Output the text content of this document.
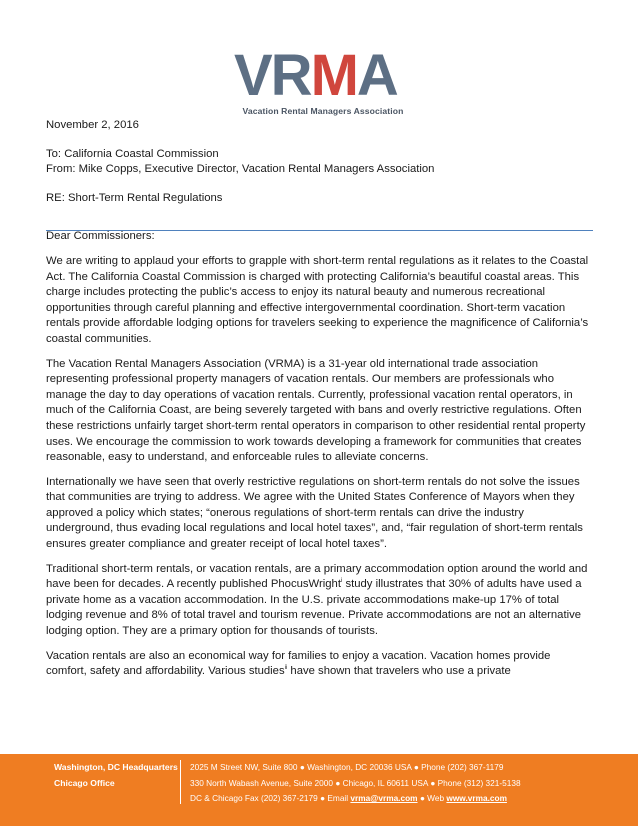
VRMA
Vacation Rental Managers Association

November 2, 2016

To: California Coastal Commission

From: Mike Copps, Executive Director, Vacation Rental Managers Association

RE: Short-Term Rental Regulations

Dear Commissioners:

We are writing to applaud your efforts to grapple with short-term rental regulations as it relates to the Coastal Act. The California Coastal Commission is charged with protecting California’s beautiful coastal areas. This charge includes protecting the public’s access to enjoy its natural beauty and numerous recreational opportunities through careful planning and effective intergovernmental coordination. Short-term vacation rentals provide affordable lodging options for travelers seeking to experience the magnificence of California’s coastal communities.

The Vacation Rental Managers Association (VRMA) is a 31-year old international trade association representing professional property managers of vacation rentals. Our members are professionals who manage the day to day operations of vacation rentals. Currently, professional vacation rental operators, in much of the California Coast, are being severely targeted with bans and overly restrictive regulations. Often these restrictions unfairly target short-term rental operators in comparison to other residential rental property uses. We encourage the commission to work towards developing a framework for communities that creates reasonable, easy to understand, and enforceable rules to alleviate concerns.

Internationally we have seen that overly restrictive regulations on short-term rentals do not solve the issues that communities are trying to address. We agree with the United States Conference of Mayors when they approved a policy which states; “onerous regulations of short-term rentals can drive the industry underground, thus evading local regulations and local hotel taxes”, and, “fair regulation of short-term rentals ensures greater compliance and greater receipt of local hotel taxes”.

Traditional short-term rentals, or vacation rentals, are a primary accommodation option around the world and have been for decades. A recently published PhocusWright$^i$ study illustrates that 30% of adults have used a private home as a vacation accommodation. In the U.S. private accommodations make-up 17% of total lodging revenue and 8% of total travel and tourism revenue. Private accommodations are not an alternative lodging option. They are a primary option for thousands of tourists.

Vacation rentals are also an economical way for families to enjoy a vacation. Vacation homes provide comfort, safety and affordability. Various studies$^{ii}$ have shown that travelers who use a private

Washington, DC Headquarters
Chicago Office
2025 M Street NW, Suite 800 ● Washington, DC 20036 USA ● Phone (202) 367-1179
330 North Wabash Avenue, Suite 2000 ● Chicago, IL 60611 USA ● Phone (312) 321-5138
DC & Chicago Fax (202) 367-2179 ● Email vrma@vrma.com ● Web www.vrma.com
